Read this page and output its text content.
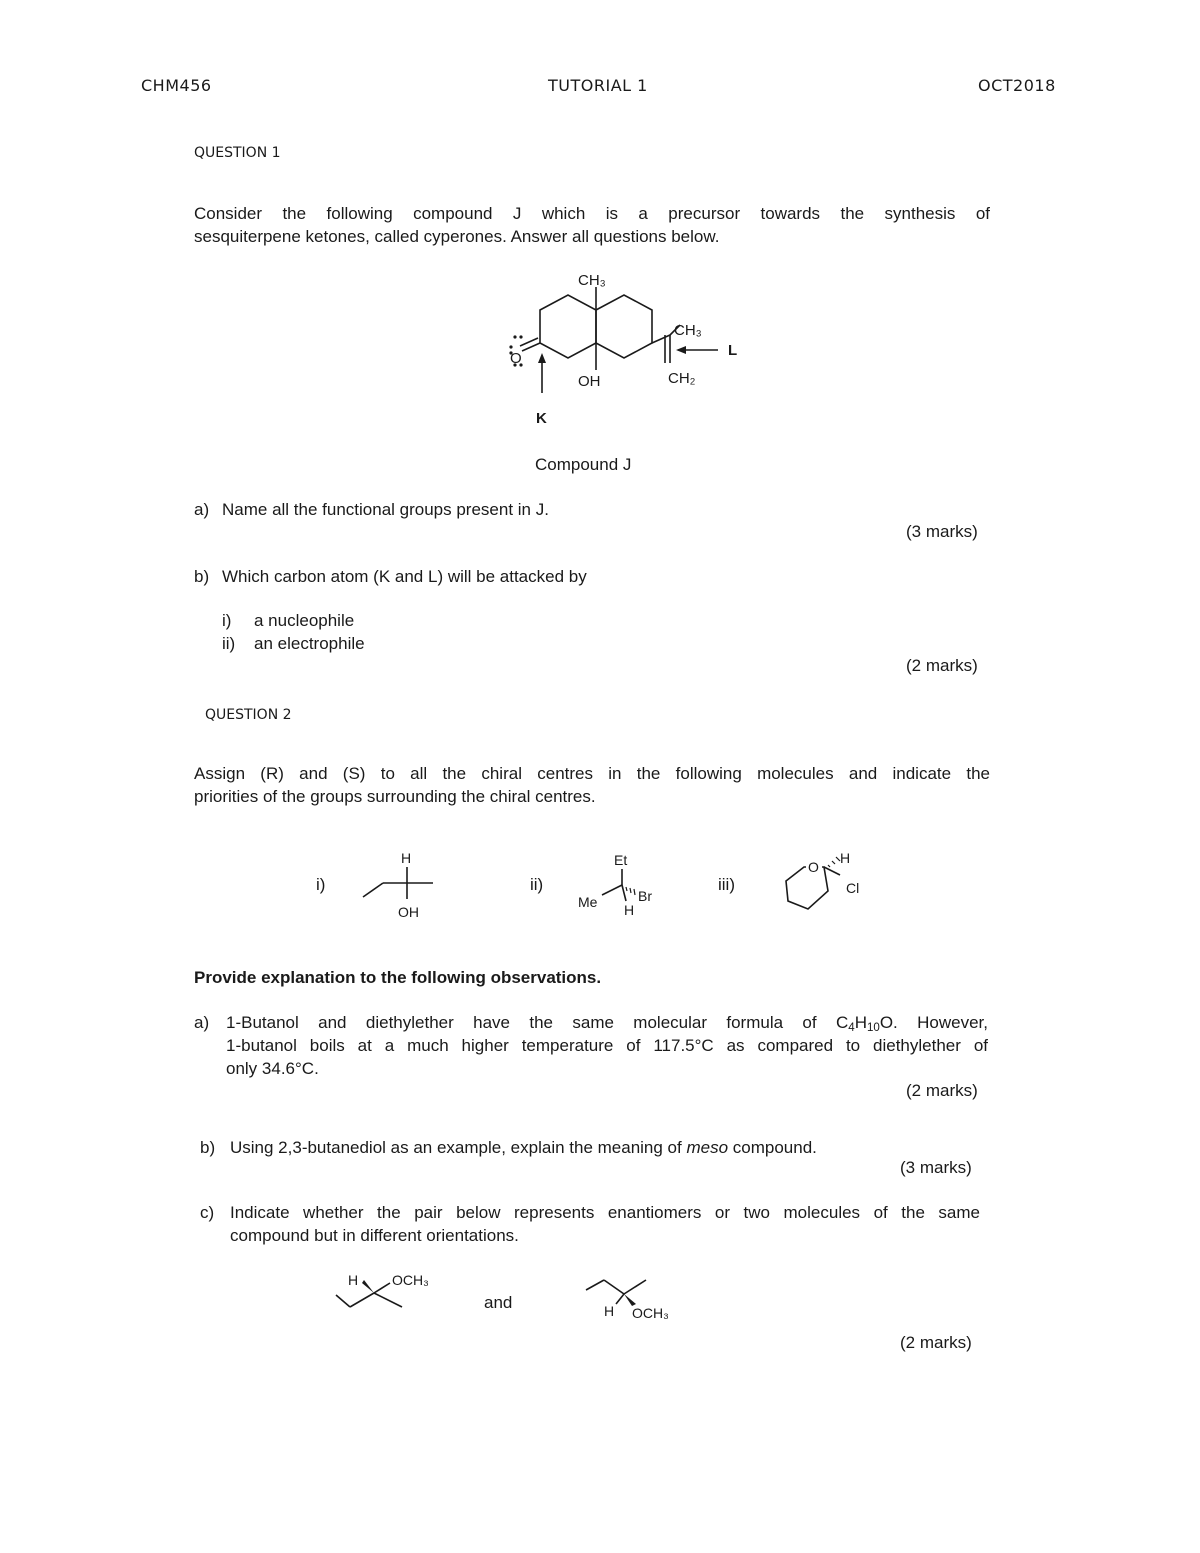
CHM456	TUTORIAL 1	OCT2018
QUESTION 1
Consider the following compound J which is a precursor towards the synthesis of
sesquiterpene ketones, called cyperones. Answer all questions below.
CH₃
CH₃
CH₂
OH
O
K
L
Compound J
a) Name all the functional groups present in J.
(3 marks)
b) Which carbon atom (K and L) will be attacked by
i) a nucleophile
ii) an electrophile
(2 marks)
QUESTION 2
Assign (R) and (S) to all the chiral centres in the following molecules and indicate the
priorities of the groups surrounding the chiral centres.
i)	ii)	iii)
H
OH
Et
Me	Br
H
O
H
Cl
Provide explanation to the following observations.
a) 1-Butanol and diethylether have the same molecular formula of $C_4H_{10}O$. However,
1-butanol boils at a much higher temperature of 117.5°C as compared to diethylether of
only 34.6°C.
(2 marks)
b) Using 2,3-butanediol as an example, explain the meaning of meso compound.
(3 marks)
c) Indicate whether the pair below represents enantiomers or two molecules of the same
compound but in different orientations.
H OCH₃
and	H OCH₃
(2 marks)
